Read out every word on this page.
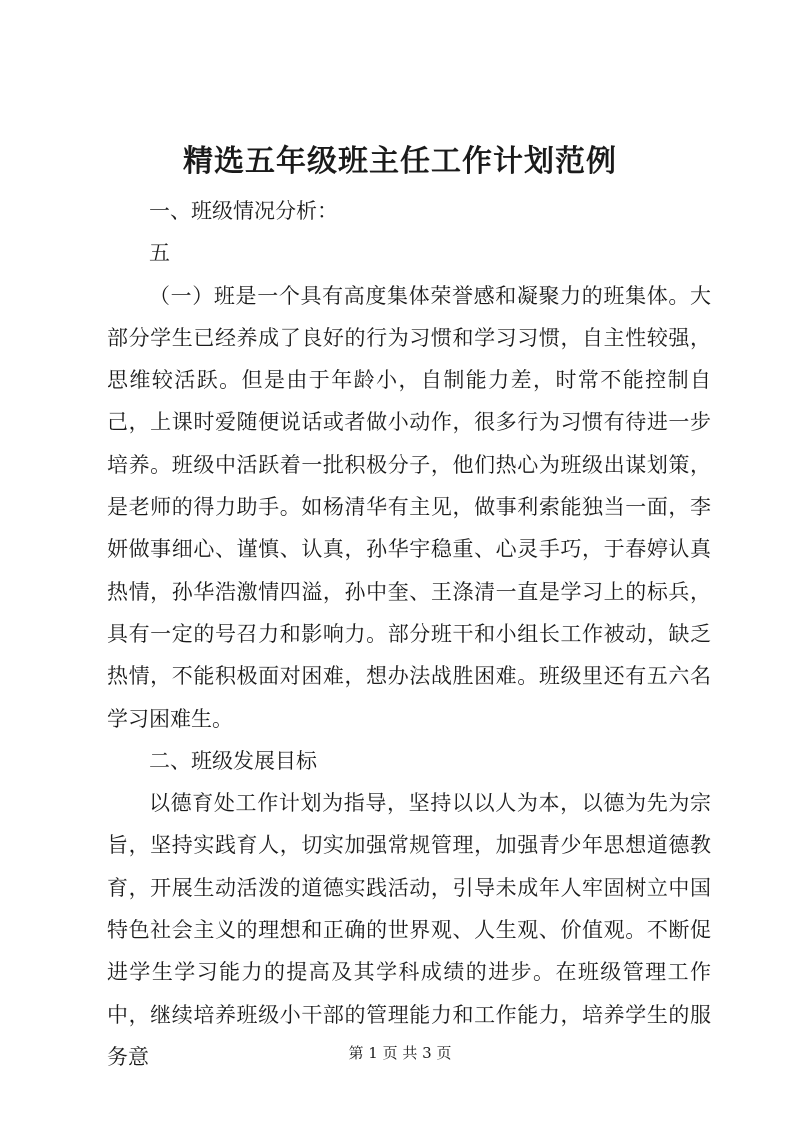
精选五年级班主任工作计划范例

一、班级情况分析：

五

（一）班是一个具有高度集体荣誉感和凝聚力的班集体。大部分学生已经养成了良好的行为习惯和学习习惯，自主性较强，思维较活跃。但是由于年龄小，自制能力差，时常不能控制自己，上课时爱随便说话或者做小动作，很多行为习惯有待进一步培养。班级中活跃着一批积极分子，他们热心为班级出谋划策，是老师的得力助手。如杨清华有主见，做事利索能独当一面，李妍做事细心、谨慎、认真，孙华宇稳重、心灵手巧，于春婷认真热情，孙华浩激情四溢，孙中奎、王涤清一直是学习上的标兵，具有一定的号召力和影响力。部分班干和小组长工作被动，缺乏热情，不能积极面对困难，想办法战胜困难。班级里还有五六名学习困难生。

二、班级发展目标

以德育处工作计划为指导，坚持以以人为本，以德为先为宗旨，坚持实践育人，切实加强常规管理，加强青少年思想道德教育，开展生动活泼的道德实践活动，引导未成年人牢固树立中国特色社会主义的理想和正确的世界观、人生观、价值观。不断促进学生学习能力的提高及其学科成绩的进步。在班级管理工作中，继续培养班级小干部的管理能力和工作能力，培养学生的服务意	第 1 页 共 3 页
